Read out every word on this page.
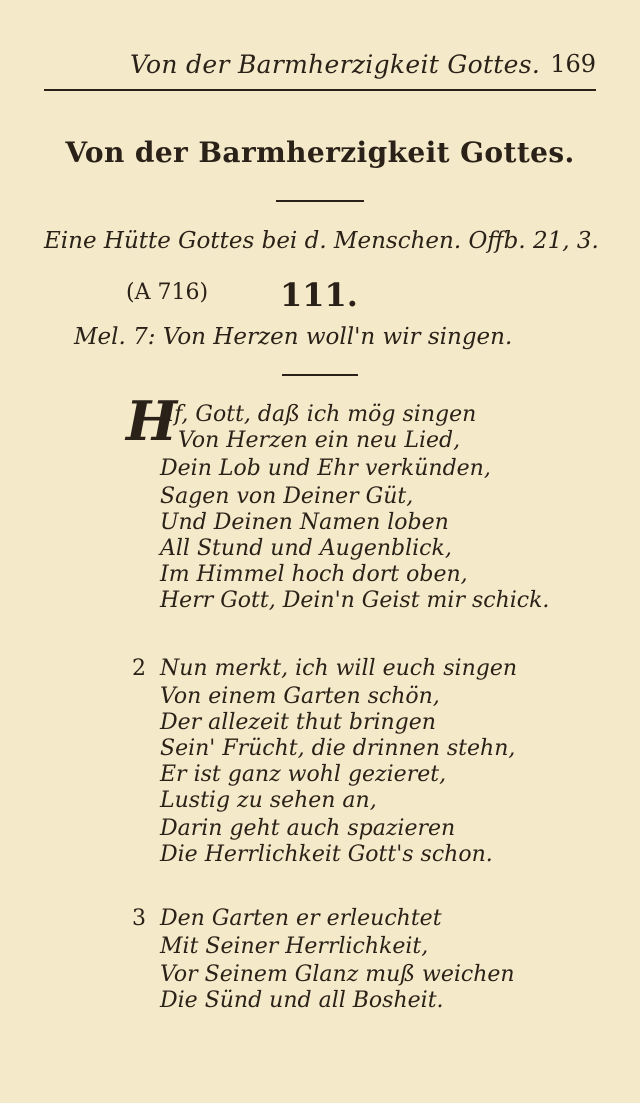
Von der Barmherzigkeit Gottes. 169
Von der Barmherzigkeit Gottes.
Eine Hütte Gottes bei d. Menschen. Offb. 21, 3.
(A 716) 111.
Mel. 7: Von Herzen woll'n wir singen.
H
ilf, Gott, daß ich mög singen
Von Herzen ein neu Lied,
Dein Lob und Ehr verkünden,
Sagen von Deiner Güt,
Und Deinen Namen loben
All Stund und Augenblick,
Im Himmel hoch dort oben,
Herr Gott, Dein'n Geist mir schick.
2 Nun merkt, ich will euch singen
Von einem Garten schön,
Der allezeit thut bringen
Sein' Frücht, die drinnen stehn,
Er ist ganz wohl gezieret,
Lustig zu sehen an,
Darin geht auch spazieren
Die Herrlichkeit Gott's schon.
3 Den Garten er erleuchtet
Mit Seiner Herrlichkeit,
Vor Seinem Glanz muß weichen
Die Sünd und all Bosheit.
